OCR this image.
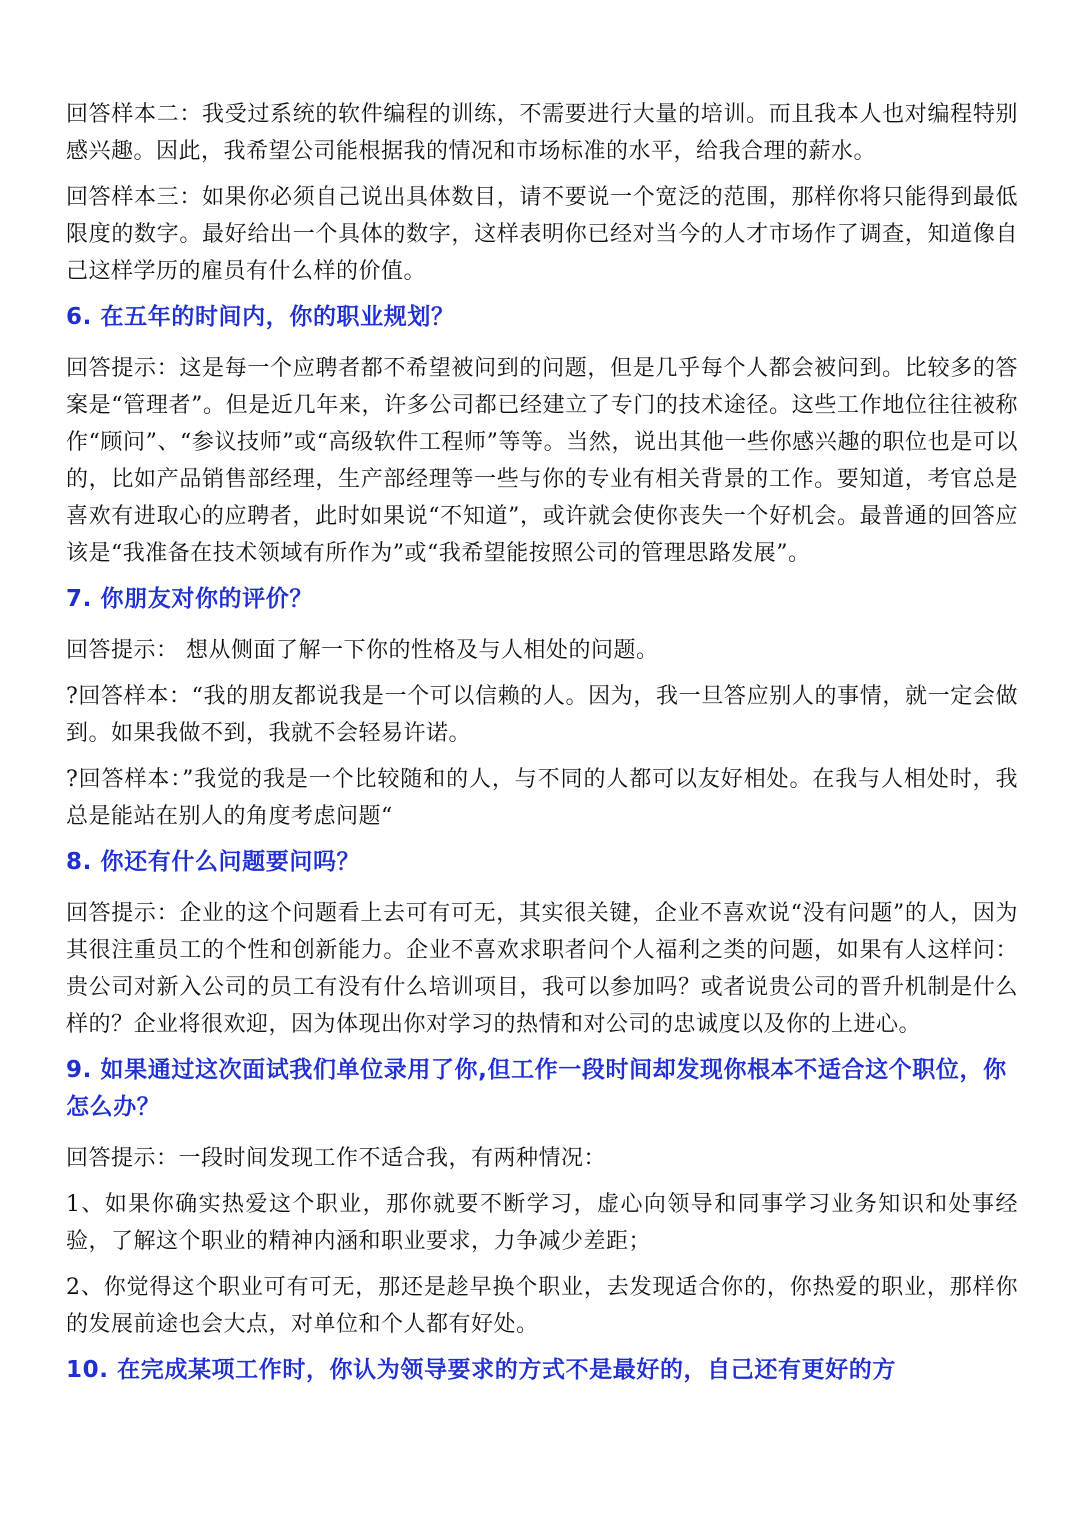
回答样本二：我受过系统的软件编程的训练，不需要进行大量的培训。而且我本人也对编程特别感兴趣。因此，我希望公司能根据我的情况和市场标准的水平，给我合理的薪水。

回答样本三：如果你必须自己说出具体数目，请不要说一个宽泛的范围，那样你将只能得到最低限度的数字。最好给出一个具体的数字，这样表明你已经对当今的人才市场作了调查，知道像自己这样学历的雇员有什么样的价值。

6. 在五年的时间内，你的职业规划？

回答提示：这是每一个应聘者都不希望被问到的问题，但是几乎每个人都会被问到。比较多的答案是“管理者”。但是近几年来，许多公司都已经建立了专门的技术途径。这些工作地位往往被称作“顾问”、“参议技师”或“高级软件工程师”等等。当然，说出其他一些你感兴趣的职位也是可以的，比如产品销售部经理，生产部经理等一些与你的专业有相关背景的工作。要知道，考官总是喜欢有进取心的应聘者，此时如果说“不知道”，或许就会使你丧失一个好机会。最普通的回答应该是“我准备在技术领域有所作为”或“我希望能按照公司的管理思路发展”。

7. 你朋友对你的评价？

回答提示： 想从侧面了解一下你的性格及与人相处的问题。

?回答样本：“我的朋友都说我是一个可以信赖的人。因为，我一旦答应别人的事情，就一定会做到。如果我做不到，我就不会轻易许诺。

?回答样本：”我觉的我是一个比较随和的人，与不同的人都可以友好相处。在我与人相处时，我总是能站在别人的角度考虑问题“

8. 你还有什么问题要问吗？

回答提示：企业的这个问题看上去可有可无，其实很关键，企业不喜欢说“没有问题”的人，因为其很注重员工的个性和创新能力。企业不喜欢求职者问个人福利之类的问题，如果有人这样问：贵公司对新入公司的员工有没有什么培训项目，我可以参加吗？或者说贵公司的晋升机制是什么样的？企业将很欢迎，因为体现出你对学习的热情和对公司的忠诚度以及你的上进心。

9. 如果通过这次面试我们单位录用了你,但工作一段时间却发现你根本不适合这个职位，你怎么办？

回答提示：一段时间发现工作不适合我，有两种情况：

1、如果你确实热爱这个职业，那你就要不断学习，虚心向领导和同事学习业务知识和处事经验，了解这个职业的精神内涵和职业要求，力争减少差距；

2、你觉得这个职业可有可无，那还是趁早换个职业，去发现适合你的，你热爱的职业，那样你的发展前途也会大点，对单位和个人都有好处。

10. 在完成某项工作时，你认为领导要求的方式不是最好的，自己还有更好的方
